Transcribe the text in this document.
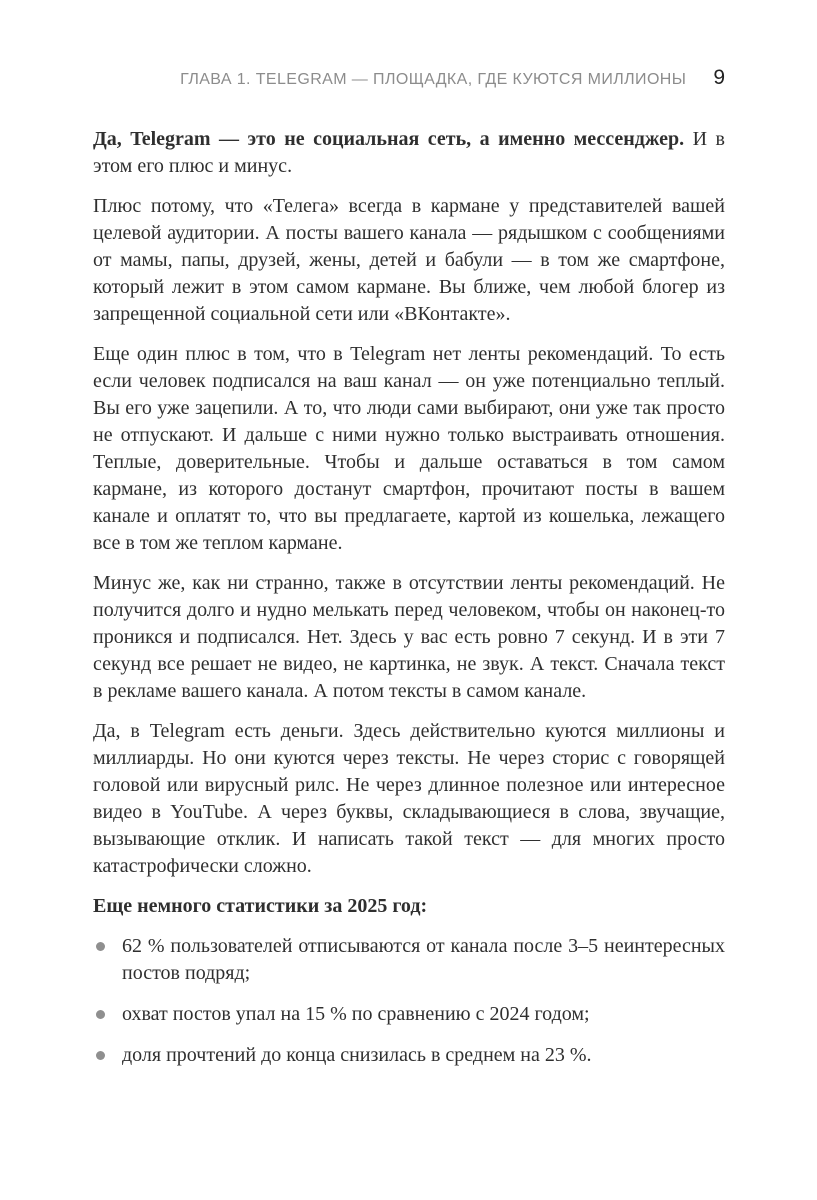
ГЛАВА 1. TELEGRAM — ПЛОЩАДКА, ГДЕ КУЮТСЯ МИЛЛИОНЫ 9

Да, Telegram — это не социальная сеть, а именно мессенджер. И в этом его плюс и минус.

Плюс потому, что «Телега» всегда в кармане у представителей вашей целевой аудитории. А посты вашего канала — рядышком с сообщениями от мамы, папы, друзей, жены, детей и бабули — в том же смартфоне, который лежит в этом самом кармане. Вы ближе, чем любой блогер из запрещенной социальной сети или «ВКонтакте».

Еще один плюс в том, что в Telegram нет ленты рекомендаций. То есть если человек подписался на ваш канал — он уже потенциально теплый. Вы его уже зацепили. А то, что люди сами выбирают, они уже так просто не отпускают. И дальше с ними нужно только выстраивать отношения. Теплые, доверительные. Чтобы и дальше оставаться в том самом кармане, из которого достанут смартфон, прочитают посты в вашем канале и оплатят то, что вы предлагаете, картой из кошелька, лежащего все в том же теплом кармане.

Минус же, как ни странно, также в отсутствии ленты рекомендаций. Не получится долго и нудно мелькать перед человеком, чтобы он наконец-то проникся и подписался. Нет. Здесь у вас есть ровно 7 секунд. И в эти 7 секунд все решает не видео, не картинка, не звук. А текст. Сначала текст в рекламе вашего канала. А потом тексты в самом канале.

Да, в Telegram есть деньги. Здесь действительно куются миллионы и миллиарды. Но они куются через тексты. Не через сторис с говорящей головой или вирусный рилс. Не через длинное полезное или интересное видео в YouTube. А через буквы, складывающиеся в слова, звучащие, вызывающие отклик. И написать такой текст — для многих просто катастрофически сложно.

Еще немного статистики за 2025 год:

62 % пользователей отписываются от канала после 3–5 неинтересных постов подряд;
охват постов упал на 15 % по сравнению с 2024 годом;
доля прочтений до конца снизилась в среднем на 23 %.
